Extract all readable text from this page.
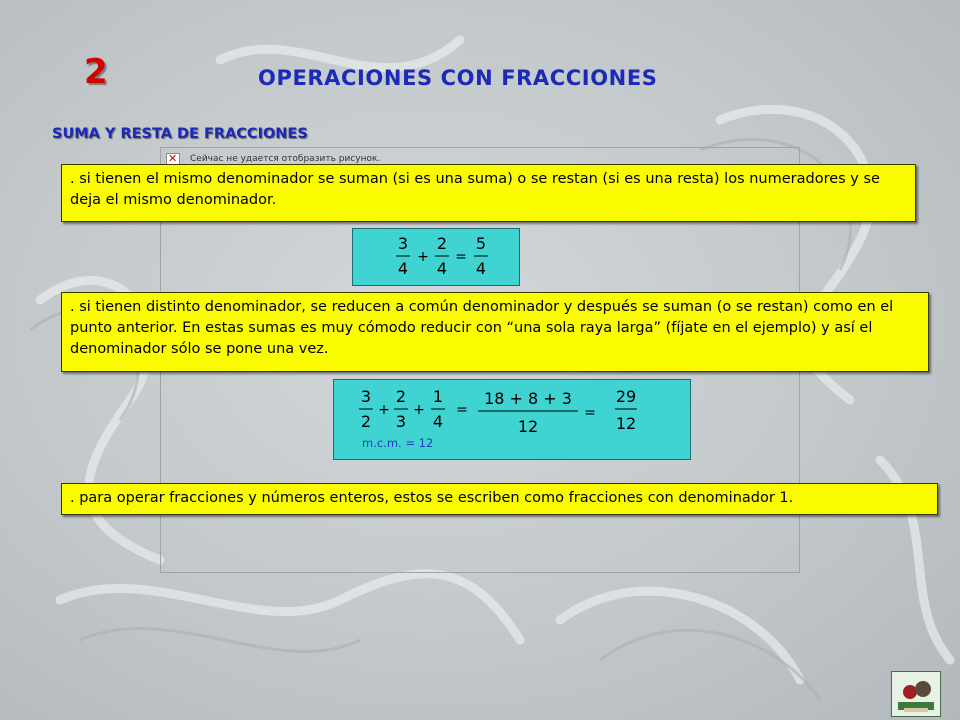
2	OPERACIONES CON FRACCIONES
SUMA Y RESTA DE FRACCIONES
✕
Сейчас не удается отобразить рисунок.
. si tienen el mismo denominador se suman (si es una suma) o se restan (si es una resta) los numeradores y se deja el mismo denominador.
3
4
+
2
4
=
5
4
. si tienen distinto denominador, se reducen a común denominador y después se suman (o se restan) como en el punto anterior. En estas sumas es muy cómodo reducir con “una sola raya larga” (fíjate en el ejemplo) y así el denominador sólo se pone una vez.
3
2
+
2
3
+
1
4
=
18 + 8 + 3
12
=
29
12
m.c.m. = 12
. para operar fracciones y números enteros, estos se escriben como fracciones con denominador 1.
